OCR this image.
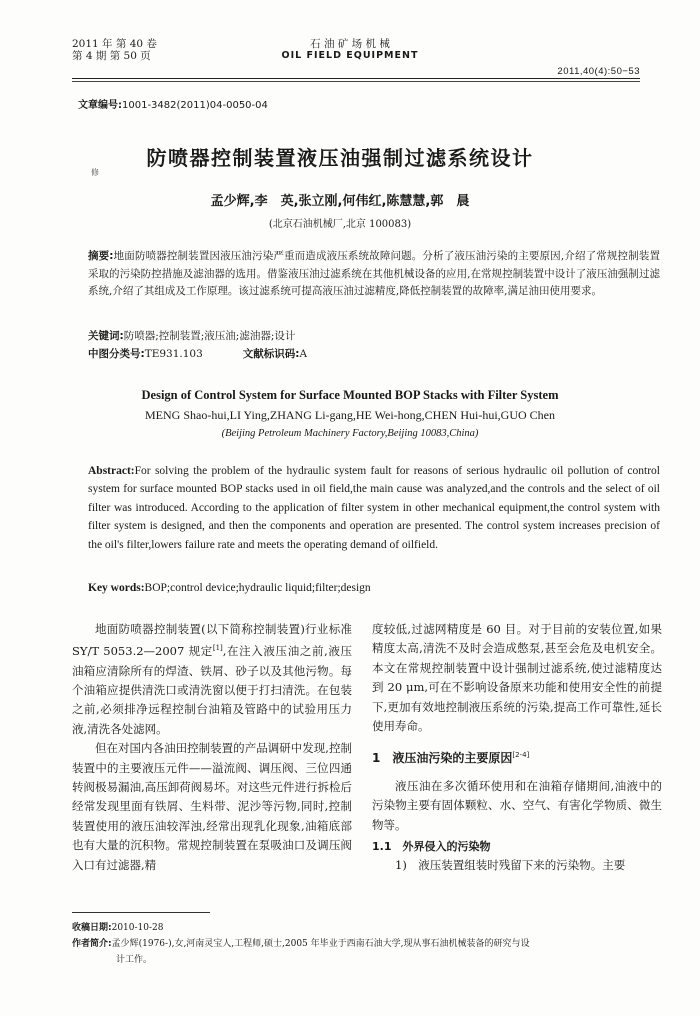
2011 年 第 40 卷
第 4 期 第 50 页
石 油 矿 场 机 械
OIL FIELD EQUIPMENT
2011,40(4):50−53
文章编号:1001-3482(2011)04-0050-04
防喷器控制装置液压油强制过滤系统设计
修
孟少辉,李　英,张立刚,何伟红,陈慧慧,郭　晨
(北京石油机械厂,北京 100083)
摘要:地面防喷器控制装置因液压油污染严重而造成液压系统故障问题。分析了液压油污染的主要原因,介绍了常规控制装置采取的污染防控措施及滤油器的选用。借鉴液压油过滤系统在其他机械设备的应用,在常规控制装置中设计了液压油强制过滤系统,介绍了其组成及工作原理。该过滤系统可提高液压油过滤精度,降低控制装置的故障率,满足油田使用要求。
关键词:防喷器;控制装置;液压油;滤油器;设计
中图分类号:TE931.103	文献标识码:A
Design of Control System for Surface Mounted BOP Stacks with Filter System
MENG Shao-hui,LI Ying,ZHANG Li-gang,HE Wei-hong,CHEN Hui-hui,GUO Chen
(Beijing Petroleum Machinery Factory,Beijing 10083,China)
Abstract:For solving the problem of the hydraulic system fault for reasons of serious hydraulic oil pollution of control system for surface mounted BOP stacks used in oil field,the main cause was analyzed,and the controls and the select of oil filter was introduced. According to the application of filter system in other mechanical equipment,the control system with filter system is designed, and then the components and operation are presented. The control system increases precision of the oil's filter,lowers failure rate and meets the operating demand of oilfield.
Key words:BOP;control device;hydraulic liquid;filter;design

地面防喷器控制装置(以下简称控制装置)行业标准 SY/T 5053.2—2007 规定[1],在注入液压油之前,液压油箱应清除所有的焊渣、铁屑、砂子以及其他污物。每个油箱应提供清洗口或清洗窗以便于打扫清洗。在包装之前,必须排净远程控制台油箱及管路中的试验用压力液,清洗各处滤网。

但在对国内各油田控制装置的产品调研中发现,控制装置中的主要液压元件——溢流阀、调压阀、三位四通转阀极易漏油,高压卸荷阀易坏。对这些元件进行拆检后经常发现里面有铁屑、生料带、泥沙等污物,同时,控制装置使用的液压油较浑浊,经常出现乳化现象,油箱底部也有大量的沉积物。常规控制装置在泵吸油口及调压阀入口有过滤器,精

度较低,过滤网精度是 60 目。对于目前的安装位置,如果精度太高,清洗不及时会造成憋泵,甚至会危及电机安全。本文在常规控制装置中设计强制过滤系统,使过滤精度达到 20 μm,可在不影响设备原来功能和使用安全性的前提下,更加有效地控制液压系统的污染,提高工作可靠性,延长使用寿命。

1　液压油污染的主要原因[2-4]

液压油在多次循环使用和在油箱存储期间,油液中的污染物主要有固体颗粒、水、空气、有害化学物质、微生物等。

1.1　外界侵入的污染物

1)　液压装置组装时残留下来的污染物。主要

收稿日期:2010-10-28
作者简介:孟少辉(1976-),女,河南灵宝人,工程师,硕士,2005 年毕业于西南石油大学,现从事石油机械装备的研究与设
计工作。
